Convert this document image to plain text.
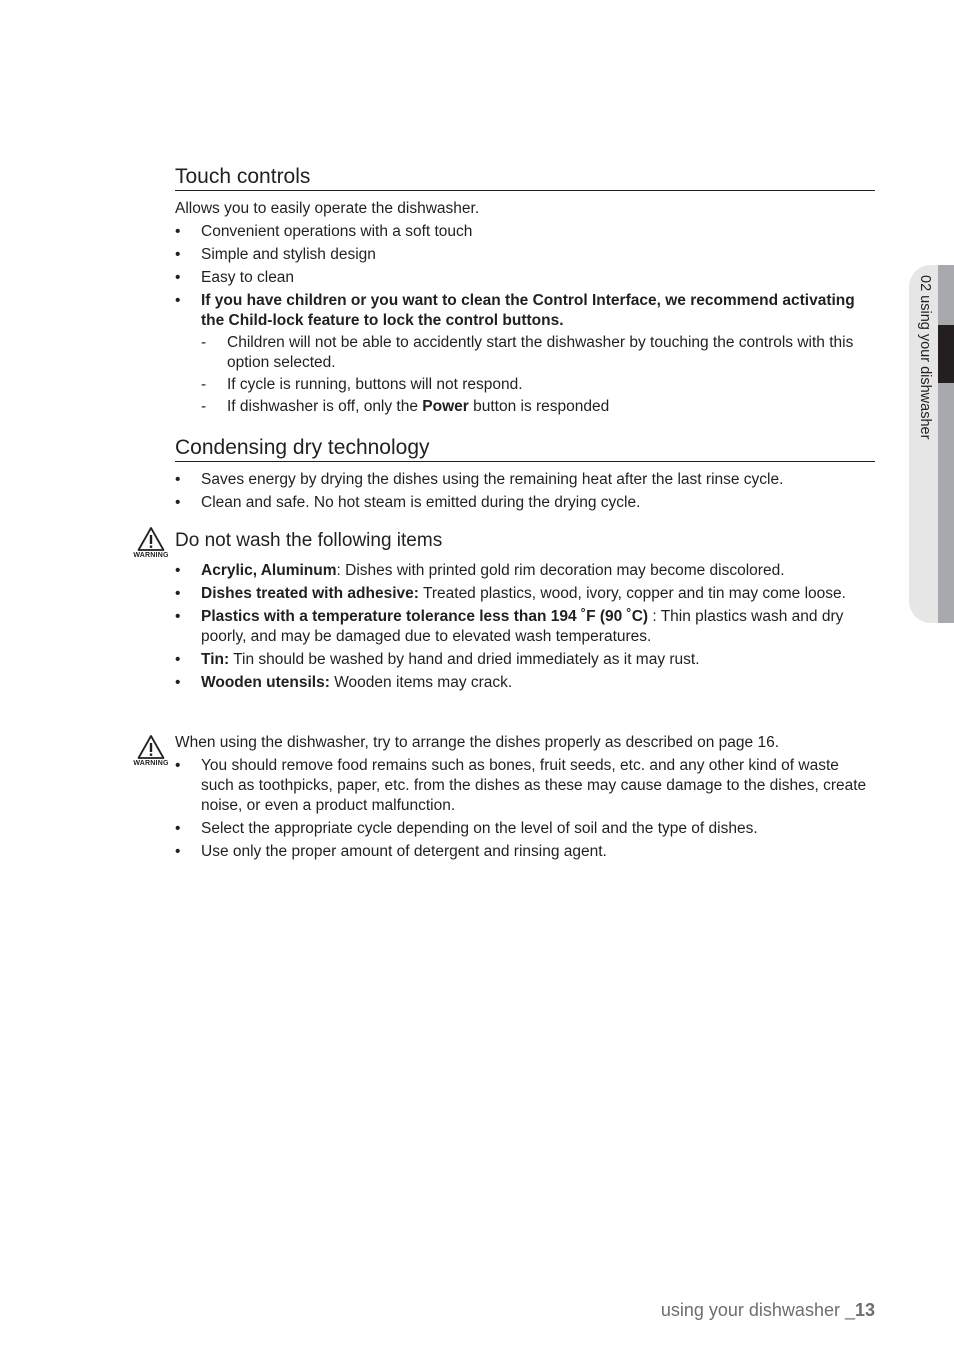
02 using your dishwasher
Touch controls
Allows you to easily operate the dishwasher.
• Convenient operations with a soft touch
• Simple and stylish design
• Easy to clean
• If you have children or you want to clean the Control Interface, we recommend activating the Child-lock feature to lock the control buttons.
- Children will not be able to accidently start the dishwasher by touching the controls with this option selected.
- If cycle is running, buttons will not respond.
- If dishwasher is off, only the Power button is responded
Condensing dry technology
• Saves energy by drying the dishes using the remaining heat after the last rinse cycle.
• Clean and safe. No hot steam is emitted during the drying cycle.
Do not wash the following items
• Acrylic, Aluminum: Dishes with printed gold rim decoration may become discolored.
• Dishes treated with adhesive: Treated plastics, wood, ivory, copper and tin may come loose.
• Plastics with a temperature tolerance less than 194 ˚F (90 ˚C) : Thin plastics wash and dry poorly, and may be damaged due to elevated wash temperatures.
• Tin: Tin should be washed by hand and dried immediately as it may rust.
• Wooden utensils: Wooden items may crack.
When using the dishwasher, try to arrange the dishes properly as described on page 16.
• You should remove food remains such as bones, fruit seeds, etc. and any other kind of waste such as toothpicks, paper, etc. from the dishes as these may cause damage to the dishes, create noise, or even a product malfunction.
• Select the appropriate cycle depending on the level of soil and the type of dishes.
• Use only the proper amount of detergent and rinsing agent.
WARNING
WARNING
using your dishwasher _13
